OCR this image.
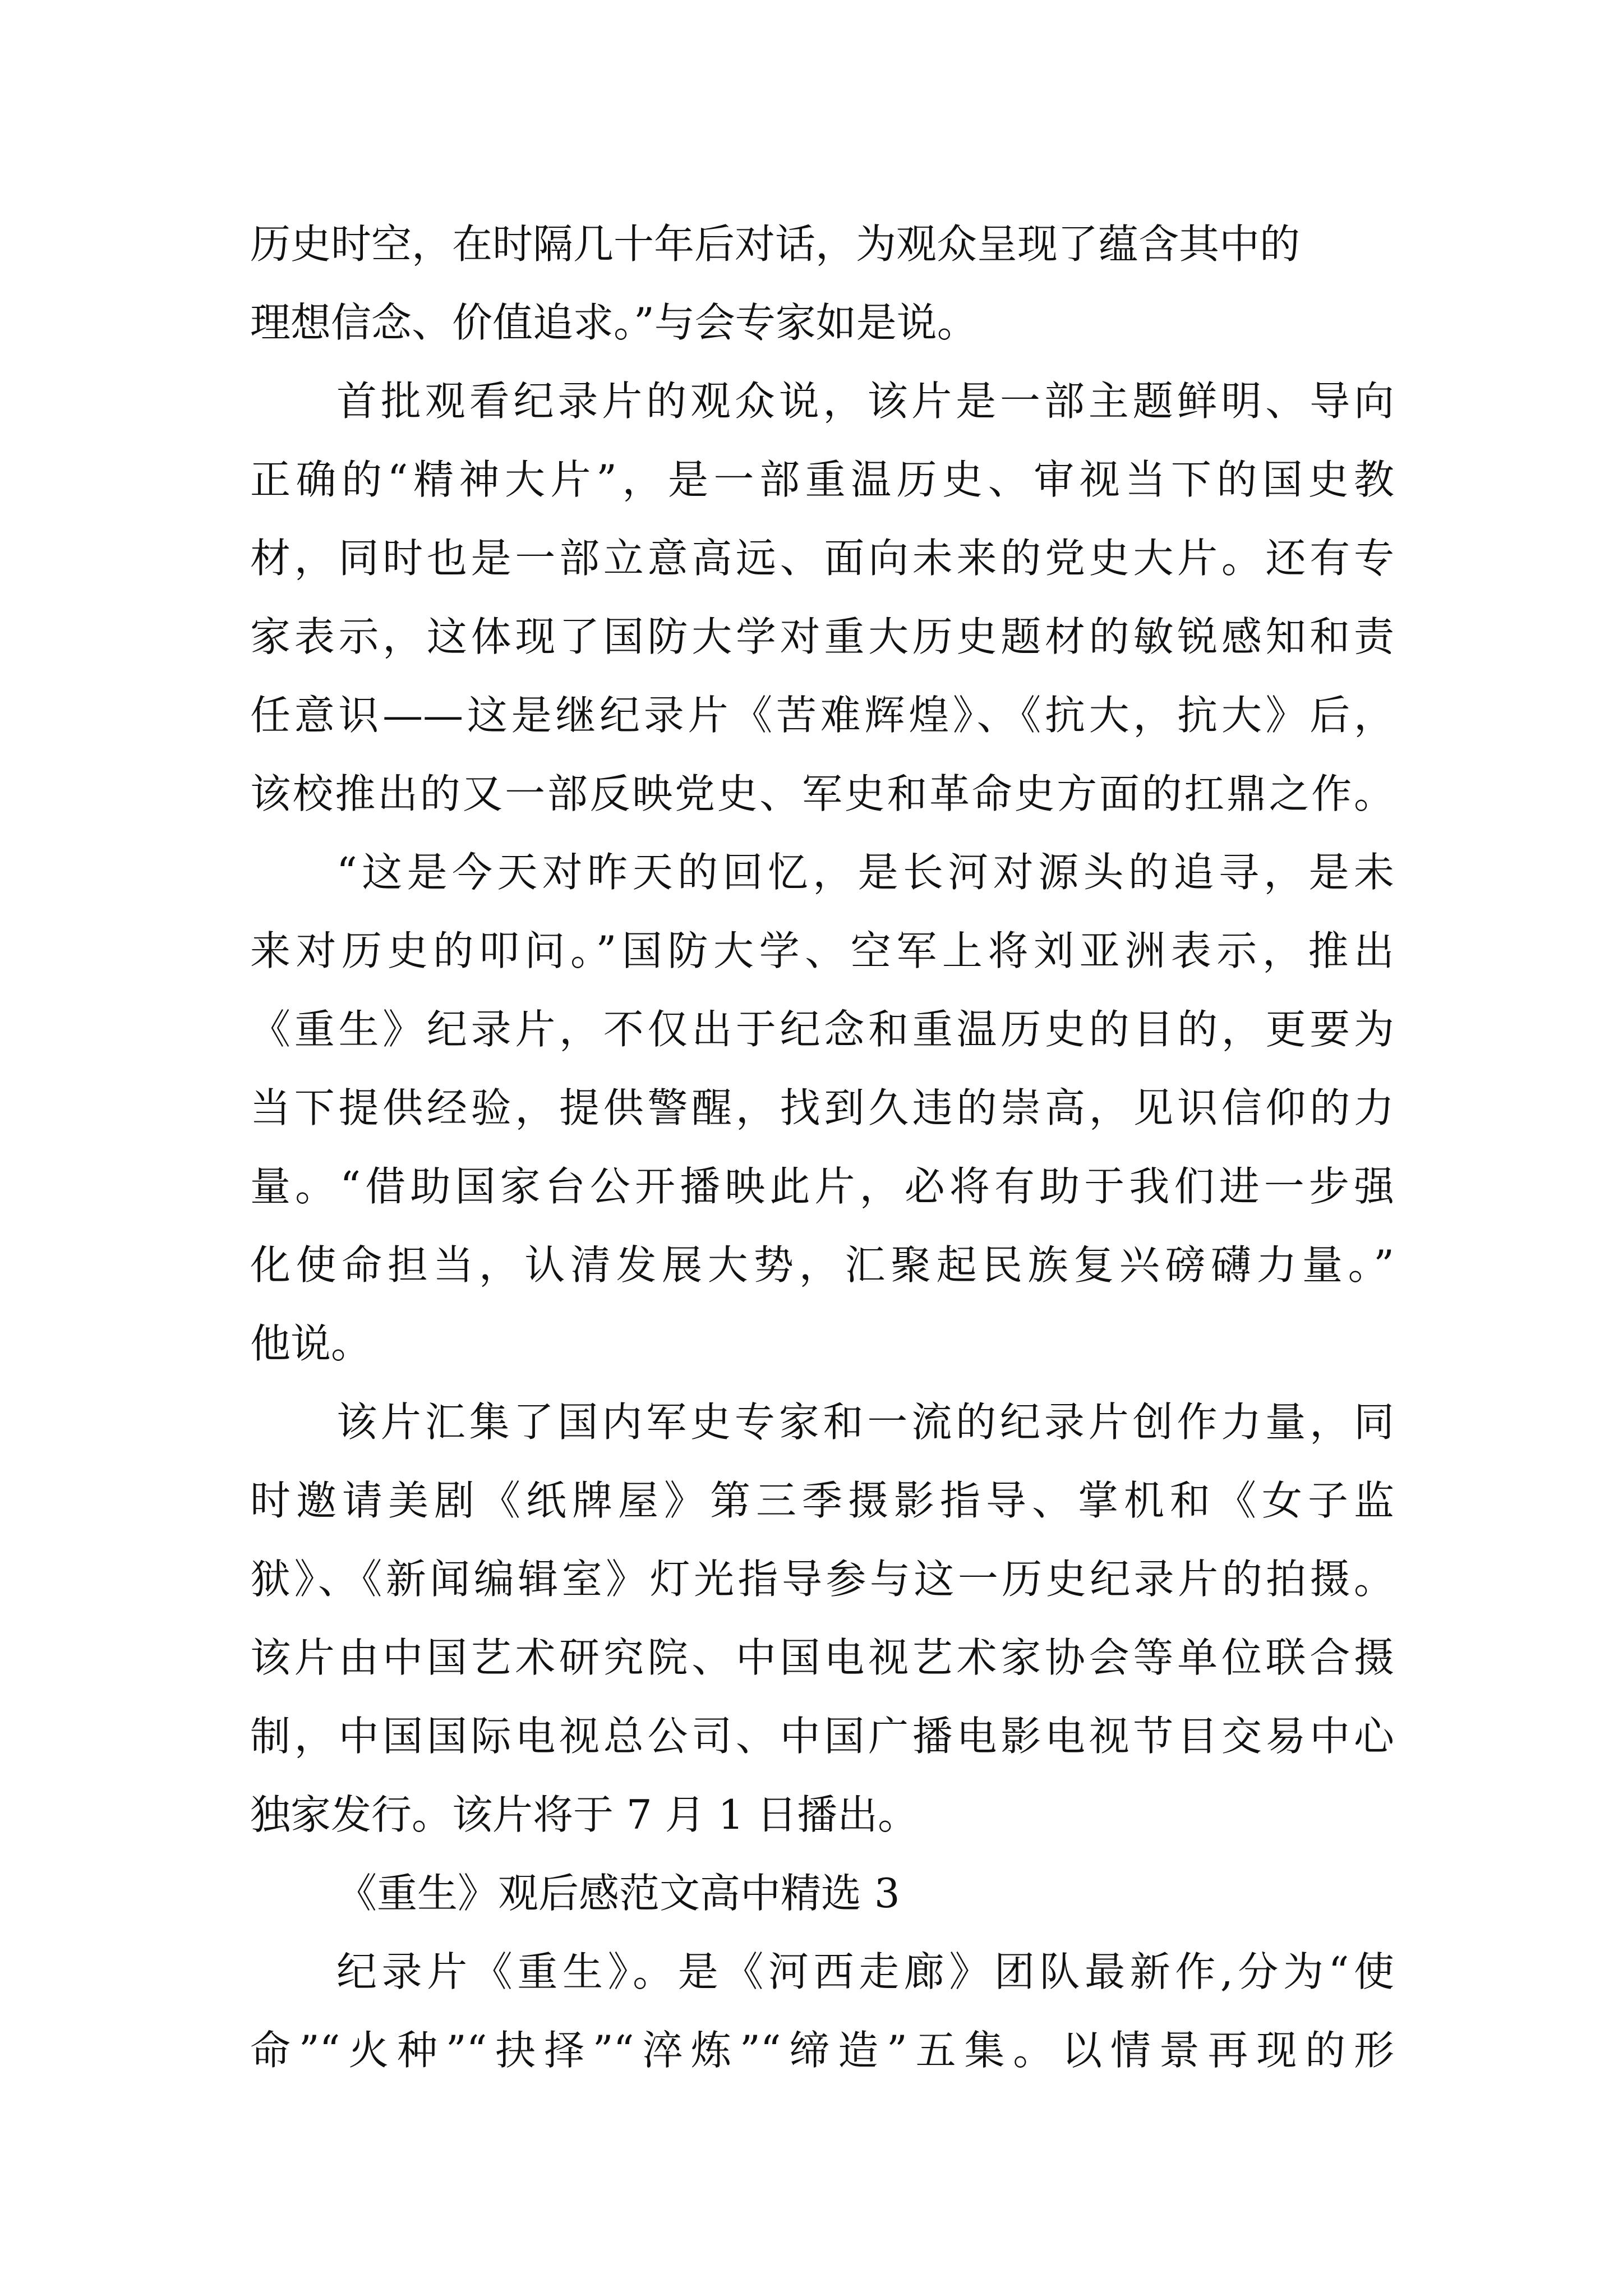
历史时空，在时隔几十年后对话，为观众呈现了蕴含其中的
理想信念、价值追求。”与会专家如是说。
首批观看纪录片的观众说，该片是一部主题鲜明、导向
正确的“精神大片”，是一部重温历史、审视当下的国史教
材，同时也是一部立意高远、面向未来的党史大片。还有专
家表示，这体现了国防大学对重大历史题材的敏锐感知和责
任意识——这是继纪录片《苦难辉煌》、《抗大，抗大》后，
该校推出的又一部反映党史、军史和革命史方面的扛鼎之作。
“这是今天对昨天的回忆，是长河对源头的追寻，是未
来对历史的叩问。”国防大学、空军上将刘亚洲表示，推出
《重生》纪录片，不仅出于纪念和重温历史的目的，更要为
当下提供经验，提供警醒，找到久违的崇高，见识信仰的力
量。“借助国家台公开播映此片，必将有助于我们进一步强
化使命担当，认清发展大势，汇聚起民族复兴磅礴力量。”
他说。
该片汇集了国内军史专家和一流的纪录片创作力量，同
时邀请美剧《纸牌屋》第三季摄影指导、掌机和《女子监
狱》、《新闻编辑室》灯光指导参与这一历史纪录片的拍摄。
该片由中国艺术研究院、中国电视艺术家协会等单位联合摄
制，中国国际电视总公司、中国广播电影电视节目交易中心
独家发行。该片将于 7 月 1 日播出。
《重生》观后感范文高中精选 3
纪录片《重生》。是《河西走廊》团队最新作,分为“使
命”“火种”“抉择”“淬炼”“缔造”五集。以情景再现的形
